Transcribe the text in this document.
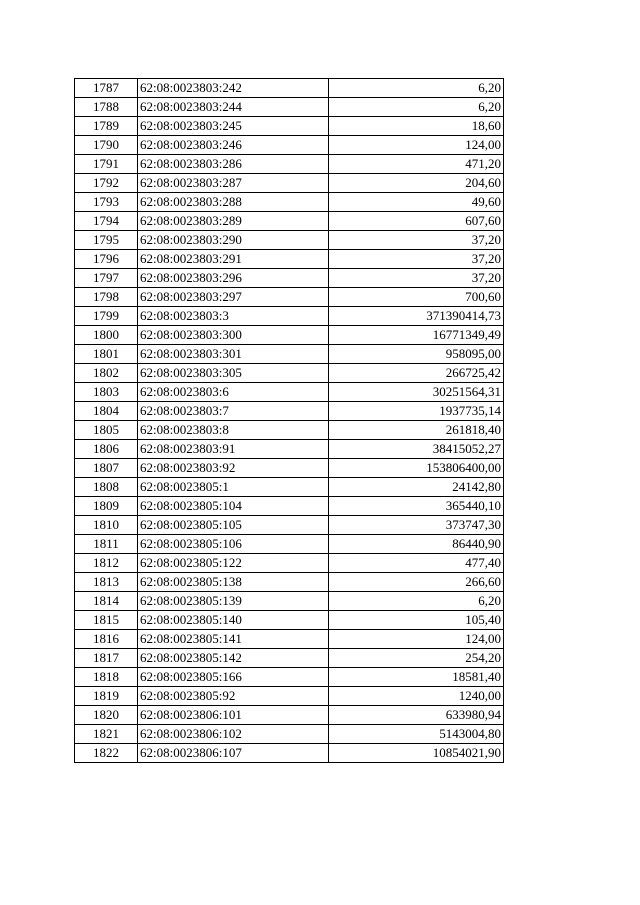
1787	62:08:0023803:242	6,20
1788	62:08:0023803:244	6,20
1789	62:08:0023803:245	18,60
1790	62:08:0023803:246	124,00
1791	62:08:0023803:286	471,20
1792	62:08:0023803:287	204,60
1793	62:08:0023803:288	49,60
1794	62:08:0023803:289	607,60
1795	62:08:0023803:290	37,20
1796	62:08:0023803:291	37,20
1797	62:08:0023803:296	37,20
1798	62:08:0023803:297	700,60
1799	62:08:0023803:3	371390414,73
1800	62:08:0023803:300	16771349,49
1801	62:08:0023803:301	958095,00
1802	62:08:0023803:305	266725,42
1803	62:08:0023803:6	30251564,31
1804	62:08:0023803:7	1937735,14
1805	62:08:0023803:8	261818,40
1806	62:08:0023803:91	38415052,27
1807	62:08:0023803:92	153806400,00
1808	62:08:0023805:1	24142,80
1809	62:08:0023805:104	365440,10
1810	62:08:0023805:105	373747,30
1811	62:08:0023805:106	86440,90
1812	62:08:0023805:122	477,40
1813	62:08:0023805:138	266,60
1814	62:08:0023805:139	6,20
1815	62:08:0023805:140	105,40
1816	62:08:0023805:141	124,00
1817	62:08:0023805:142	254,20
1818	62:08:0023805:166	18581,40
1819	62:08:0023805:92	1240,00
1820	62:08:0023806:101	633980,94
1821	62:08:0023806:102	5143004,80
1822	62:08:0023806:107	10854021,90
